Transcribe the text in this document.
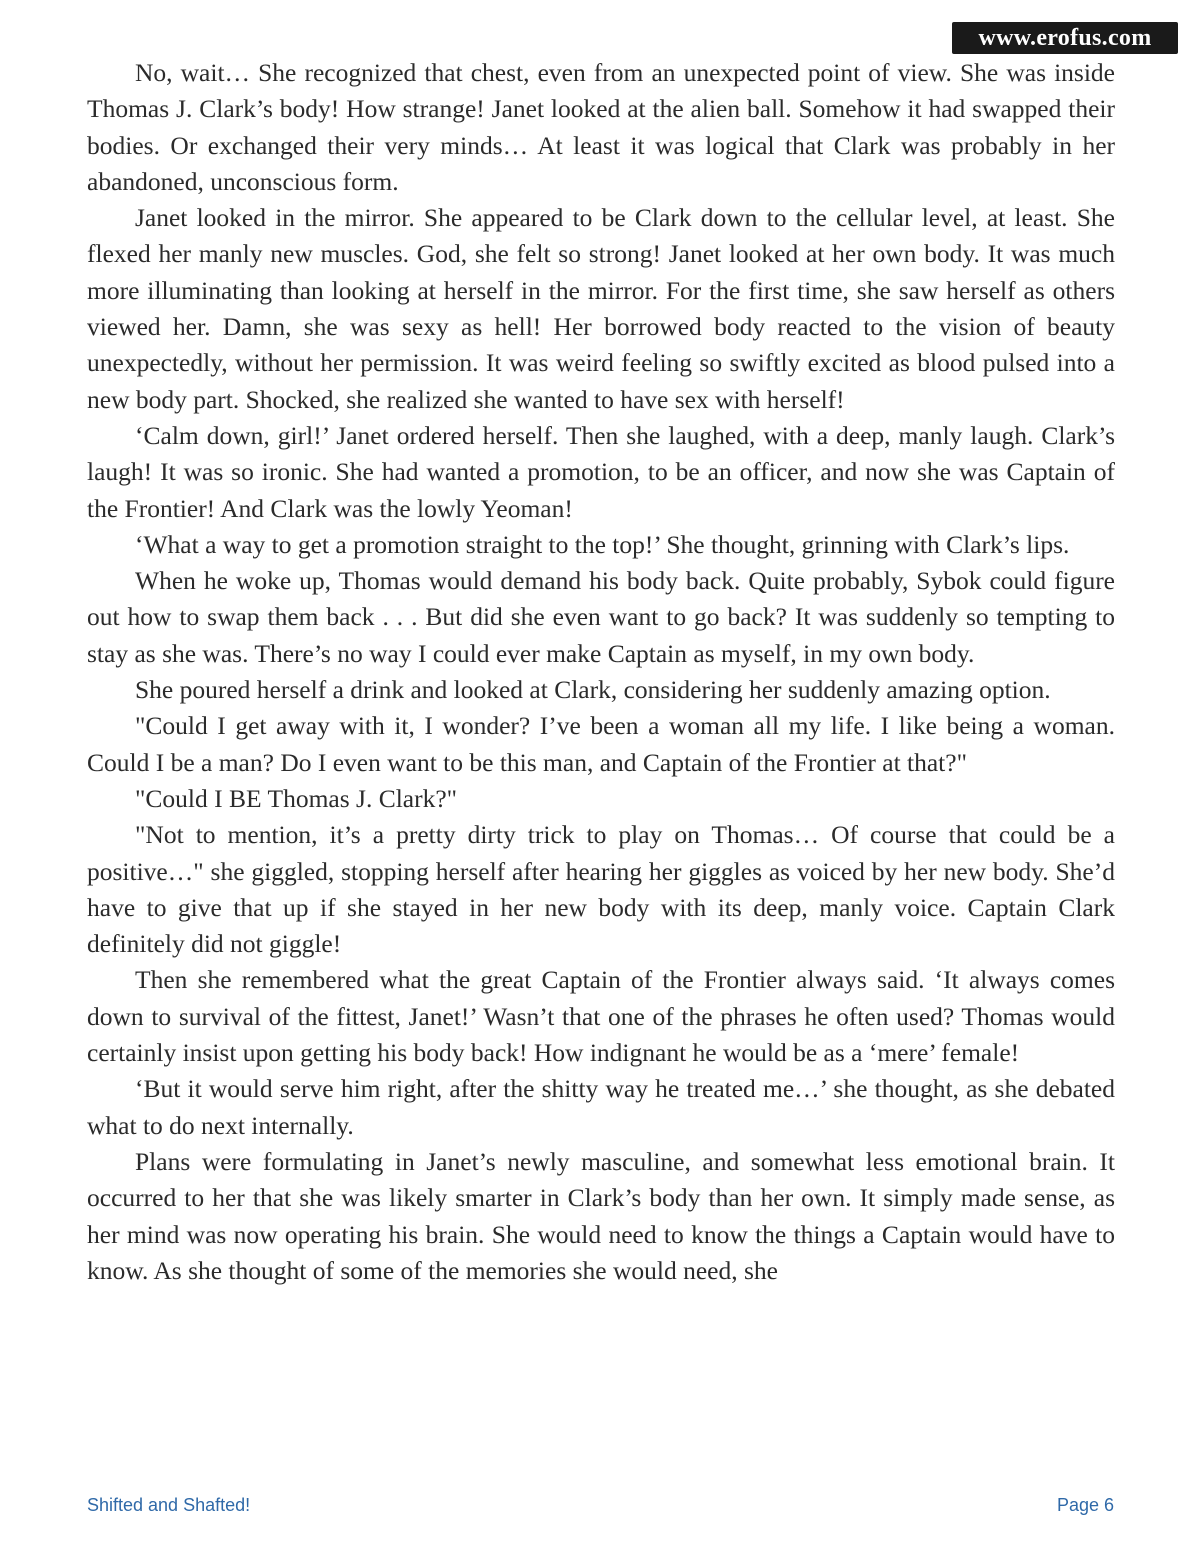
www.erofus.com

No, wait… She recognized that chest, even from an unexpected point of view. She was inside Thomas J. Clark’s body! How strange! Janet looked at the alien ball. Somehow it had swapped their bodies. Or exchanged their very minds… At least it was logical that Clark was probably in her abandoned, unconscious form.

Janet looked in the mirror. She appeared to be Clark down to the cellular level, at least. She flexed her manly new muscles. God, she felt so strong! Janet looked at her own body. It was much more illuminating than looking at herself in the mirror. For the first time, she saw herself as others viewed her. Damn, she was sexy as hell! Her borrowed body reacted to the vision of beauty unexpectedly, without her permission. It was weird feeling so swiftly excited as blood pulsed into a new body part. Shocked, she realized she wanted to have sex with herself!

‘Calm down, girl!’ Janet ordered herself. Then she laughed, with a deep, manly laugh. Clark’s laugh! It was so ironic. She had wanted a promotion, to be an officer, and now she was Captain of the Frontier! And Clark was the lowly Yeoman!

‘What a way to get a promotion straight to the top!’ She thought, grinning with Clark’s lips.

When he woke up, Thomas would demand his body back. Quite probably, Sybok could figure out how to swap them back . . . But did she even want to go back? It was suddenly so tempting to stay as she was. There’s no way I could ever make Captain as myself, in my own body.

She poured herself a drink and looked at Clark, considering her suddenly amazing option.

"Could I get away with it, I wonder? I’ve been a woman all my life. I like being a woman. Could I be a man? Do I even want to be this man, and Captain of the Frontier at that?"

"Could I BE Thomas J. Clark?"

"Not to mention, it’s a pretty dirty trick to play on Thomas… Of course that could be a positive…" she giggled, stopping herself after hearing her giggles as voiced by her new body. She’d have to give that up if she stayed in her new body with its deep, manly voice. Captain Clark definitely did not giggle!

Then she remembered what the great Captain of the Frontier always said. ‘It always comes down to survival of the fittest, Janet!’ Wasn’t that one of the phrases he often used? Thomas would certainly insist upon getting his body back! How indignant he would be as a ‘mere’ female!

‘But it would serve him right, after the shitty way he treated me…’ she thought, as she debated what to do next internally.

Plans were formulating in Janet’s newly masculine, and somewhat less emotional brain. It occurred to her that she was likely smarter in Clark’s body than her own. It simply made sense, as her mind was now operating his brain. She would need to know the things a Captain would have to know. As she thought of some of the memories she would need, she

Shifted and Shafted!	Page 6
